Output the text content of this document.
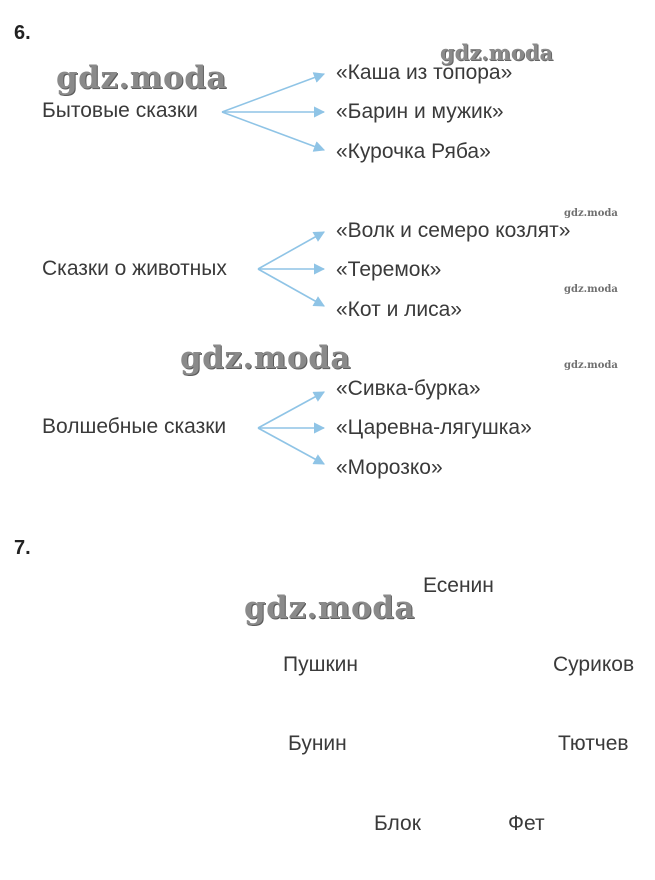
6.
gdz.moda
gdz.moda
Бытовые сказки
«Каша из топора»
«Барин и мужик»
«Курочка Ряба»
gdz.moda
Сказки о животных
«Волк и семеро козлят»
«Теремок»
«Кот и лиса»
gdz.moda
gdz.moda	gdz.moda
Волшебные сказки
«Сивка-бурка»
«Царевна-лягушка»
«Морозко»
7.
gdz.moda
Есенин
Пушкин	Суриков
Бунин	Тютчев
Блок	Фет
